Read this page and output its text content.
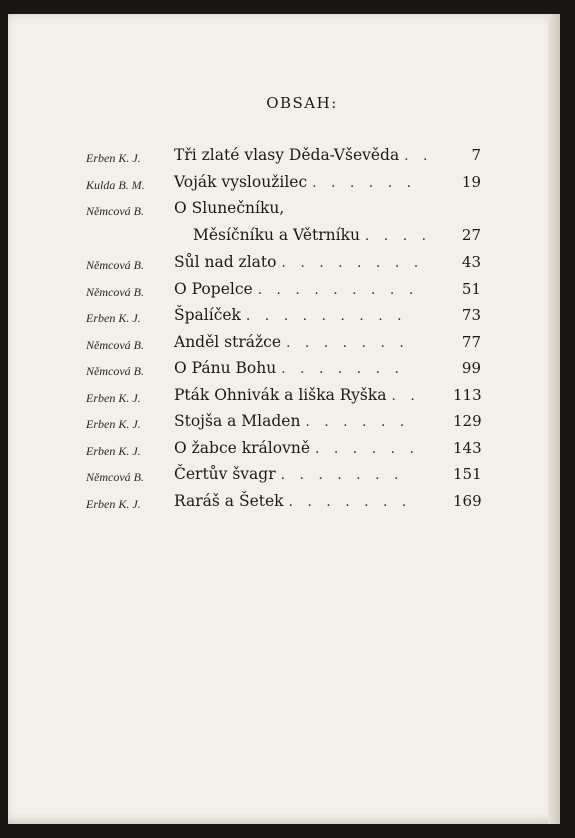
OBSAH:
Erben K. J. Tři zlaté vlasy Děda-Vševěda . .	7
Kulda B. M. Voják vysloužilec . . . . . .	19
Němcová B. O Slunečníku,
Měsíčníku a Větrníku . . . .	27
Němcová B. Sůl nad zlato . . . . . . . .	43
Němcová B. O Popelce . . . . . . . . .	51
Erben K. J. Špalíček . . . . . . . . .	73
Němcová B. Anděl strážce . . . . . . .	77
Němcová B. O Pánu Bohu . . . . . . .	99
Erben K. J. Pták Ohnivák a liška Ryška . .	113
Erben K. J. Stojša a Mladen . . . . . .	129
Erben K. J. O žabce královně . . . . . .	143
Němcová B. Čertův švagr . . . . . . .	151
Erben K. J. Raráš a Šetek . . . . . . .	169
